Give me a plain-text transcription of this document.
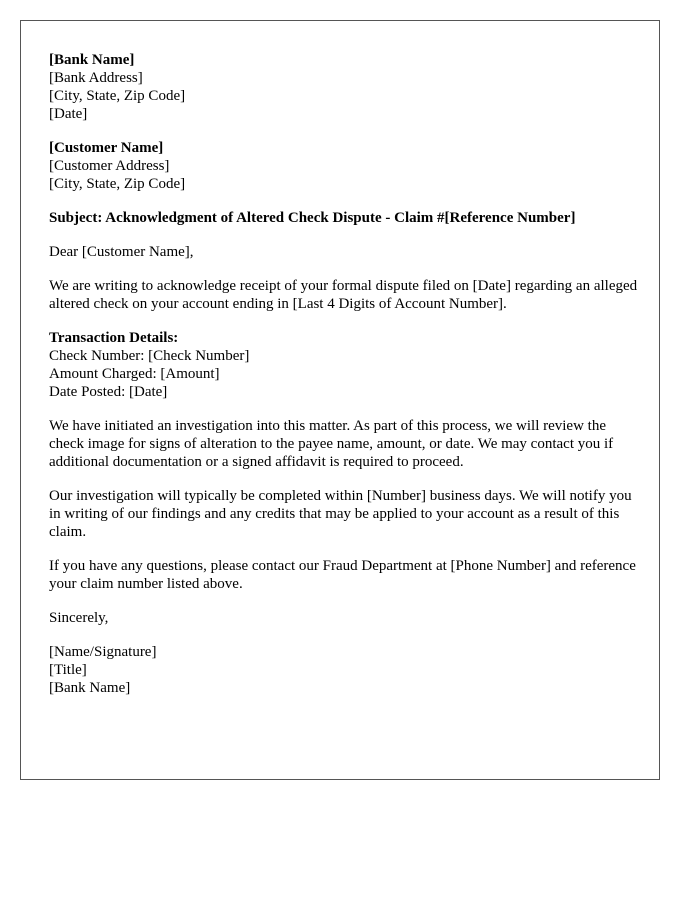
[Bank Name]
[Bank Address]
[City, State, Zip Code]
[Date]
[Customer Name]
[Customer Address]
[City, State, Zip Code]

Subject: Acknowledgment of Altered Check Dispute - Claim #[Reference Number]

Dear [Customer Name],

We are writing to acknowledge receipt of your formal dispute filed on [Date] regarding an alleged altered check on your account ending in [Last 4 Digits of Account Number].

Transaction Details:
Check Number: [Check Number]
Amount Charged: [Amount]
Date Posted: [Date]

We have initiated an investigation into this matter. As part of this process, we will review the check image for signs of alteration to the payee name, amount, or date. We may contact you if additional documentation or a signed affidavit is required to proceed.

Our investigation will typically be completed within [Number] business days. We will notify you in writing of our findings and any credits that may be applied to your account as a result of this claim.

If you have any questions, please contact our Fraud Department at [Phone Number] and reference your claim number listed above.

Sincerely,

[Name/Signature]
[Title]
[Bank Name]
